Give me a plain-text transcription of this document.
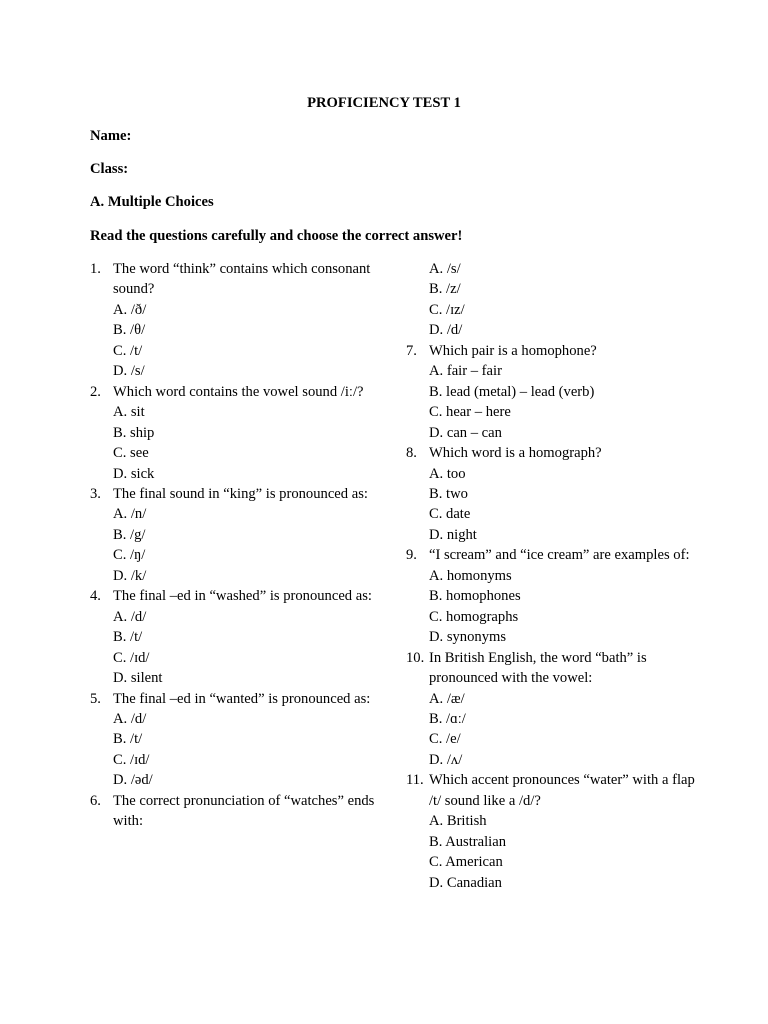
PROFICIENCY TEST 1
Name:
Class:
A. Multiple Choices
Read the questions carefully and choose the correct answer!
1. The word “think” contains which consonant sound?
A. /ð/
B. /θ/
C. /t/
D. /s/
2. Which word contains the vowel sound /iː/?
A. sit
B. ship
C. see
D. sick
3. The final sound in “king” is pronounced as:
A. /n/
B. /g/
C. /ŋ/
D. /k/
4. The final –ed in “washed” is pronounced as:
A. /d/
B. /t/
C. /ɪd/
D. silent
5. The final –ed in “wanted” is pronounced as:
A. /d/
B. /t/
C. /ɪd/
D. /əd/
6. The correct pronunciation of “watches” ends with:
A. /s/
B. /z/
C. /ɪz/
D. /d/
7. Which pair is a homophone?
A. fair – fair
B. lead (metal) – lead (verb)
C. hear – here
D. can – can
8. Which word is a homograph?
A. too
B. two
C. date
D. night
9. “I scream” and “ice cream” are examples of:
A. homonyms
B. homophones
C. homographs
D. synonyms
10. In British English, the word “bath” is pronounced with the vowel:
A. /æ/
B. /ɑː/
C. /e/
D. /ʌ/
11. Which accent pronounces “water” with a flap /t/ sound like a /d/?
A. British
B. Australian
C. American
D. Canadian
